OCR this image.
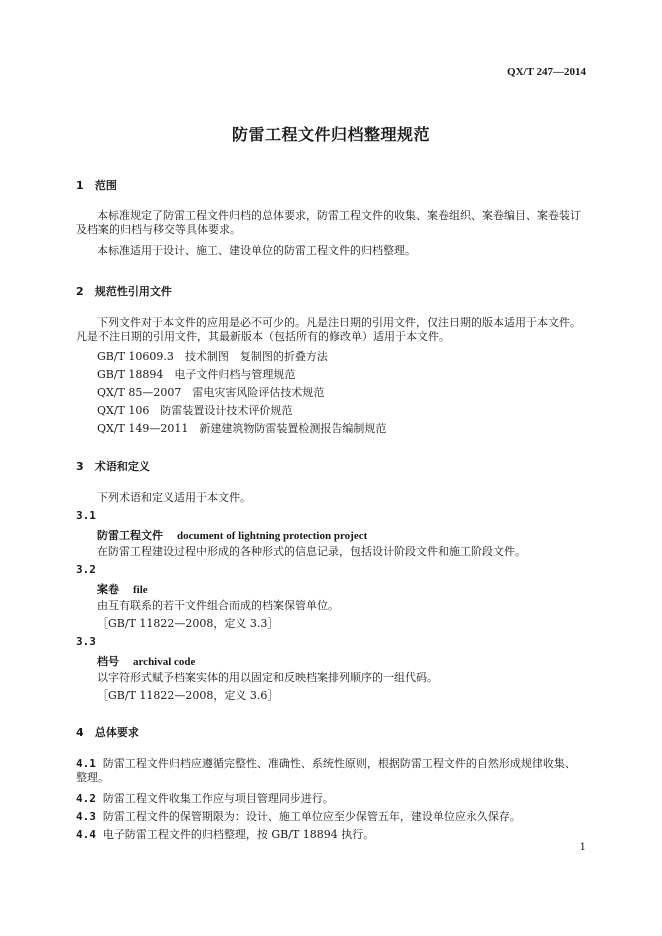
QX/T 247—2014
防雷工程文件归档整理规范
1 范围
本标准规定了防雷工程文件归档的总体要求，防雷工程文件的收集、案卷组织、案卷编目、案卷装订及档案的归档与移交等具体要求。
本标准适用于设计、施工、建设单位的防雷工程文件的归档整理。
2 规范性引用文件
下列文件对于本文件的应用是必不可少的。凡是注日期的引用文件，仅注日期的版本适用于本文件。凡是不注日期的引用文件，其最新版本（包括所有的修改单）适用于本文件。
GB/T 10609.3　技术制图　复制图的折叠方法
GB/T 18894　电子文件归档与管理规范
QX/T 85—2007　雷电灾害风险评估技术规范
QX/T 106　防雷装置设计技术评价规范
QX/T 149—2011　新建建筑物防雷装置检测报告编制规范
3 术语和定义
下列术语和定义适用于本文件。
3.1
防雷工程文件 document of lightning protection project
在防雷工程建设过程中形成的各种形式的信息记录，包括设计阶段文件和施工阶段文件。
3.2
案卷 file
由互有联系的若干文件组合而成的档案保管单位。
［GB/T 11822—2008，定义 3.3］
3.3
档号 archival code
以字符形式赋予档案实体的用以固定和反映档案排列顺序的一组代码。
［GB/T 11822—2008，定义 3.6］
4 总体要求
4.1 防雷工程文件归档应遵循完整性、准确性、系统性原则，根据防雷工程文件的自然形成规律收集、整理。
4.2 防雷工程文件收集工作应与项目管理同步进行。
4.3 防雷工程文件的保管期限为：设计、施工单位应至少保管五年，建设单位应永久保存。
4.4 电子防雷工程文件的归档整理，按 GB/T 18894 执行。
1
